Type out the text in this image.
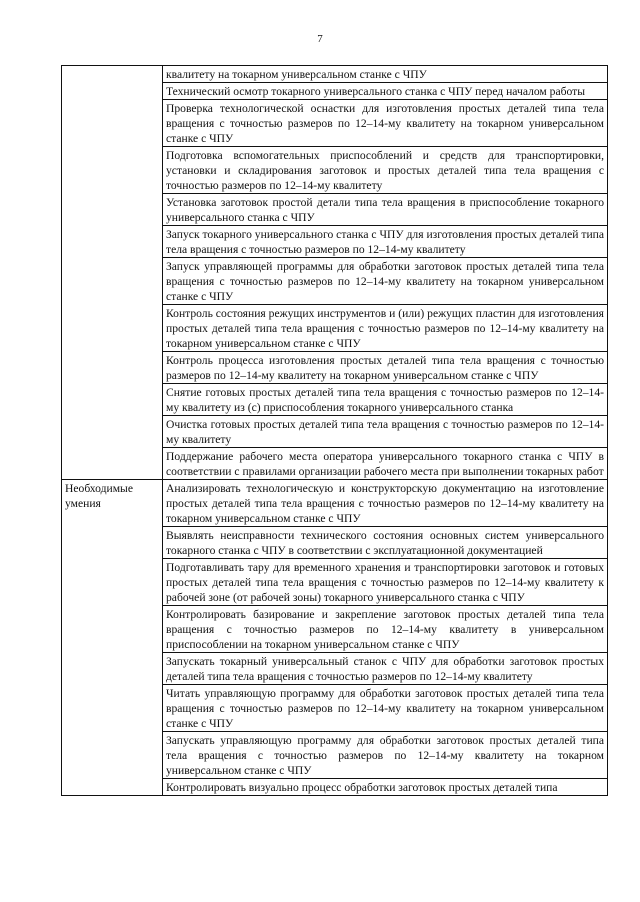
7
	квалитету на токарном универсальном станке с ЧПУ
	Технический осмотр токарного универсального станка с ЧПУ перед началом работы
	Проверка технологической оснастки для изготовления простых деталей типа тела вращения с точностью размеров по 12–14-му квалитету на токарном универсальном станке с ЧПУ
	Подготовка вспомогательных приспособлений и средств для транспортировки, установки и складирования заготовок и простых деталей типа тела вращения с точностью размеров по 12–14-му квалитету
	Установка заготовок простой детали типа тела вращения в приспособление токарного универсального станка с ЧПУ
	Запуск токарного универсального станка с ЧПУ для изготовления простых деталей типа тела вращения с точностью размеров по 12–14-му квалитету
	Запуск управляющей программы для обработки заготовок простых деталей типа тела вращения с точностью размеров по 12–14-му квалитету на токарном универсальном станке с ЧПУ
	Контроль состояния режущих инструментов и (или) режущих пластин для изготовления простых деталей типа тела вращения с точностью размеров по 12–14-му квалитету на токарном универсальном станке с ЧПУ
	Контроль процесса изготовления простых деталей типа тела вращения с точностью размеров по 12–14-му квалитету на токарном универсальном станке с ЧПУ
	Снятие готовых простых деталей типа тела вращения с точностью размеров по 12–14-му квалитету из (с) приспособления токарного универсального станка
	Очистка готовых простых деталей типа тела вращения с точностью размеров по 12–14-му квалитету
	Поддержание рабочего места оператора универсального токарного станка с ЧПУ в соответствии с правилами организации рабочего места при выполнении токарных работ
Необходимые умения	Анализировать технологическую и конструкторскую документацию на изготовление простых деталей типа тела вращения с точностью размеров по 12–14-му квалитету на токарном универсальном станке с ЧПУ
	Выявлять неисправности технического состояния основных систем универсального токарного станка с ЧПУ в соответствии с эксплуатационной документацией
	Подготавливать тару для временного хранения и транспортировки заготовок и готовых простых деталей типа тела вращения с точностью размеров по 12–14-му квалитету к рабочей зоне (от рабочей зоны) токарного универсального станка с ЧПУ
	Контролировать базирование и закрепление заготовок простых деталей типа тела вращения с точностью размеров по 12–14-му квалитету в универсальном приспособлении на токарном универсальном станке с ЧПУ
	Запускать токарный универсальный станок с ЧПУ для обработки заготовок простых деталей типа тела вращения с точностью размеров по 12–14-му квалитету
	Читать управляющую программу для обработки заготовок простых деталей типа тела вращения с точностью размеров по 12–14-му квалитету на токарном универсальном станке с ЧПУ
	Запускать управляющую программу для обработки заготовок простых деталей типа тела вращения с точностью размеров по 12–14-му квалитету на токарном универсальном станке с ЧПУ
	Контролировать визуально процесс обработки заготовок простых деталей типа
